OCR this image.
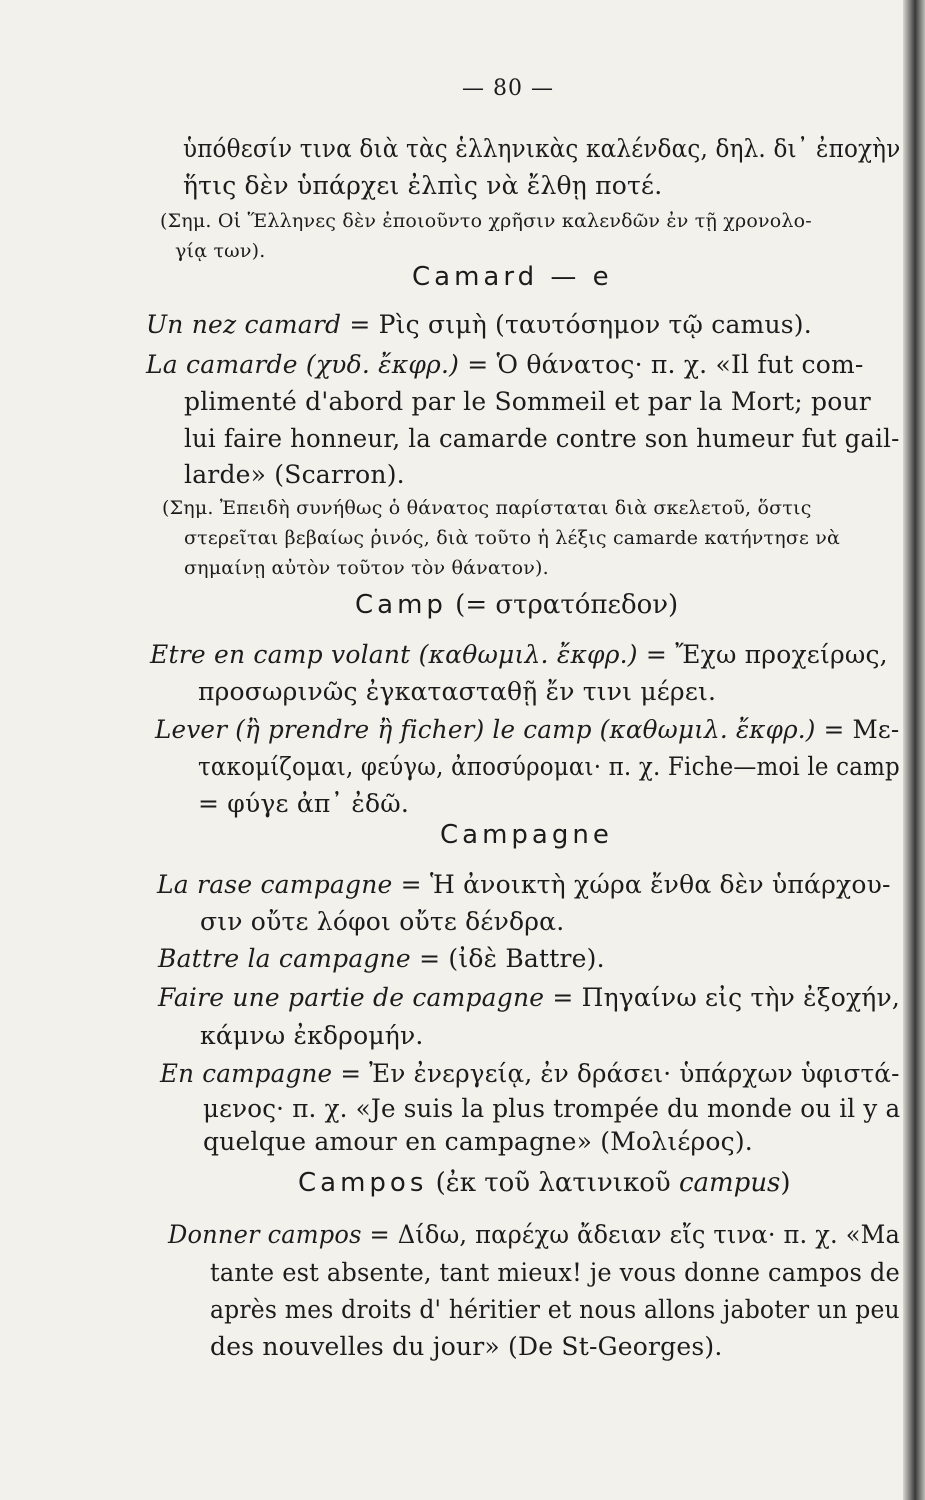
— 80 —
ὑπόθεσίν τινα διὰ τὰς ἑλληνικὰς καλένδας, δηλ. δι᾽ ἐποχὴν
ἥτις δὲν ὑπάρχει ἐλπὶς νὰ ἔλθῃ ποτέ.
(Σημ. Οἱ Ἕλληνες δὲν ἐποιοῦντο χρῆσιν καλενδῶν ἐν τῇ χρονολο-
γίᾳ των).
Camard — e
Un nez camard = Ρὶς σιμὴ (ταυτόσημον τῷ camus).
La camarde (χυδ. ἔκφρ.) = Ὁ θάνατος· π. χ. «Il fut com-
plimenté d'abord par le Sommeil et par la Mort; pour
lui faire honneur, la camarde contre son humeur fut gail-
larde» (Scarron).
(Σημ. Ἐπειδὴ συνήθως ὁ θάνατος παρίσταται διὰ σκελετοῦ, ὅστις
στερεῖται βεβαίως ῥινός, διὰ τοῦτο ἡ λέξις camarde κατήντησε νὰ
σημαίνῃ αὐτὸν τοῦτον τὸν θάνατον).
Camp (= στρατόπεδον)
Etre en camp volant (καθωμιλ. ἔκφρ.) = Ἔχω προχείρως,
προσωρινῶς ἐγκατασταθῇ ἔν τινι μέρει.
Lever (ἢ prendre ἢ ficher) le camp (καθωμιλ. ἔκφρ.) = Με-
τακομίζομαι, φεύγω, ἀποσύρομαι· π. χ. Fiche—moi le camp
= φύγε ἀπ᾽ ἐδῶ.
Campagne
La rase campagne = Ἡ ἀνοικτὴ χώρα ἔνθα δὲν ὑπάρχου-
σιν οὔτε λόφοι οὔτε δένδρα.
Battre la campagne = (ἰδὲ Battre).
Faire une partie de campagne = Πηγαίνω εἰς τὴν ἐξοχήν,
κάμνω ἐκδρομήν.
En campagne = Ἐν ἐνεργείᾳ, ἐν δράσει· ὑπάρχων ὑφιστά-
μενος· π. χ. «Je suis la plus trompée du monde ou il y a
quelque amour en campagne» (Μολιέρος).
Campos (ἐκ τοῦ λατινικοῦ campus)
Donner campos = Δίδω, παρέχω ἄδειαν εἴς τινα· π. χ. «Ma
tante est absente, tant mieux! je vous donne campos de
après mes droits d' héritier et nous allons jaboter un peu
des nouvelles du jour» (De St-Georges).
